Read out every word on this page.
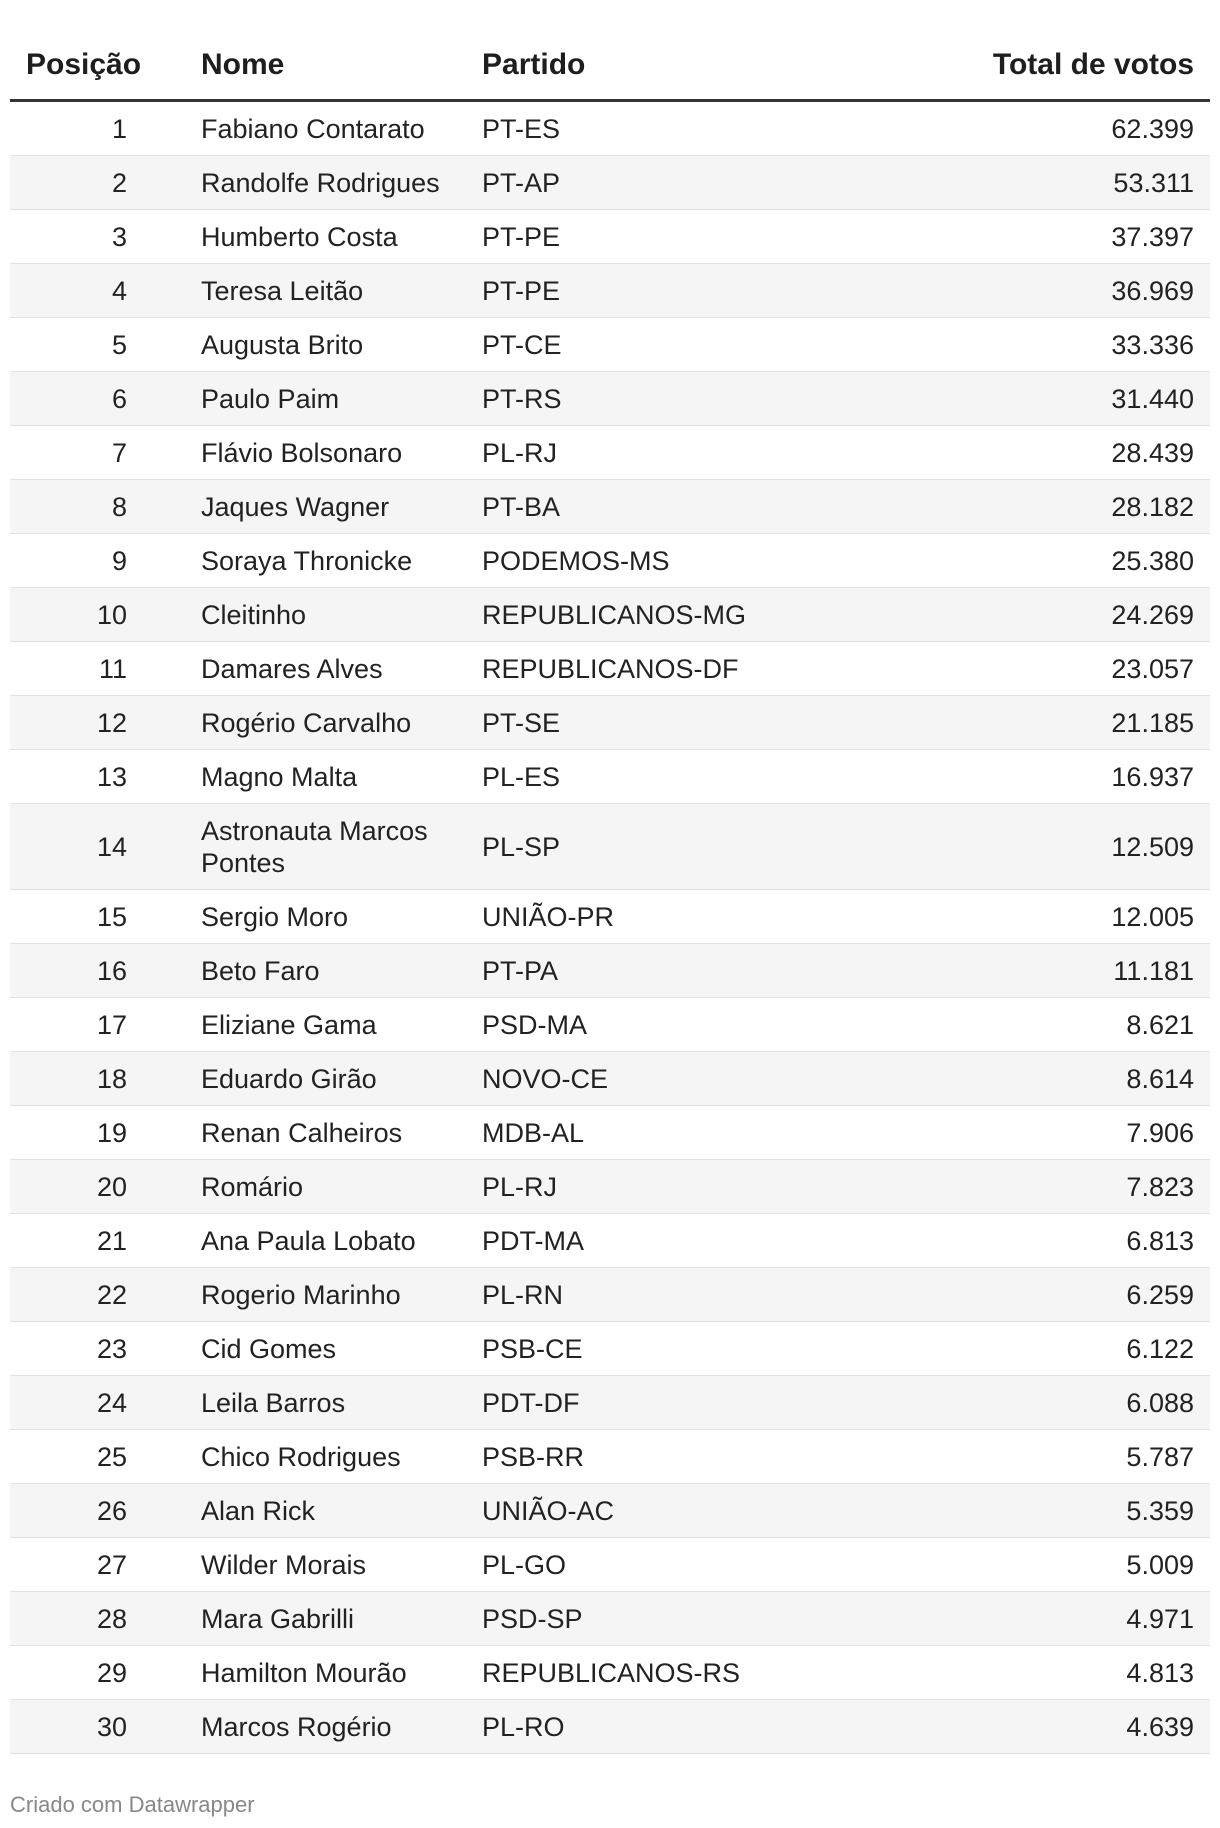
Posição	Nome	Partido	Total de votos
1	Fabiano Contarato	PT-ES	62.399
2	Randolfe Rodrigues	PT-AP	53.311
3	Humberto Costa	PT-PE	37.397
4	Teresa Leitão	PT-PE	36.969
5	Augusta Brito	PT-CE	33.336
6	Paulo Paim	PT-RS	31.440
7	Flávio Bolsonaro	PL-RJ	28.439
8	Jaques Wagner	PT-BA	28.182
9	Soraya Thronicke	PODEMOS-MS	25.380
10	Cleitinho	REPUBLICANOS-MG	24.269
11	Damares Alves	REPUBLICANOS-DF	23.057
12	Rogério Carvalho	PT-SE	21.185
13	Magno Malta	PL-ES	16.937
14	Astronauta Marcos Pontes	PL-SP	12.509
15	Sergio Moro	UNIÃO-PR	12.005
16	Beto Faro	PT-PA	11.181
17	Eliziane Gama	PSD-MA	8.621
18	Eduardo Girão	NOVO-CE	8.614
19	Renan Calheiros	MDB-AL	7.906
20	Romário	PL-RJ	7.823
21	Ana Paula Lobato	PDT-MA	6.813
22	Rogerio Marinho	PL-RN	6.259
23	Cid Gomes	PSB-CE	6.122
24	Leila Barros	PDT-DF	6.088
25	Chico Rodrigues	PSB-RR	5.787
26	Alan Rick	UNIÃO-AC	5.359
27	Wilder Morais	PL-GO	5.009
28	Mara Gabrilli	PSD-SP	4.971
29	Hamilton Mourão	REPUBLICANOS-RS	4.813
30	Marcos Rogério	PL-RO	4.639
Criado com Datawrapper
